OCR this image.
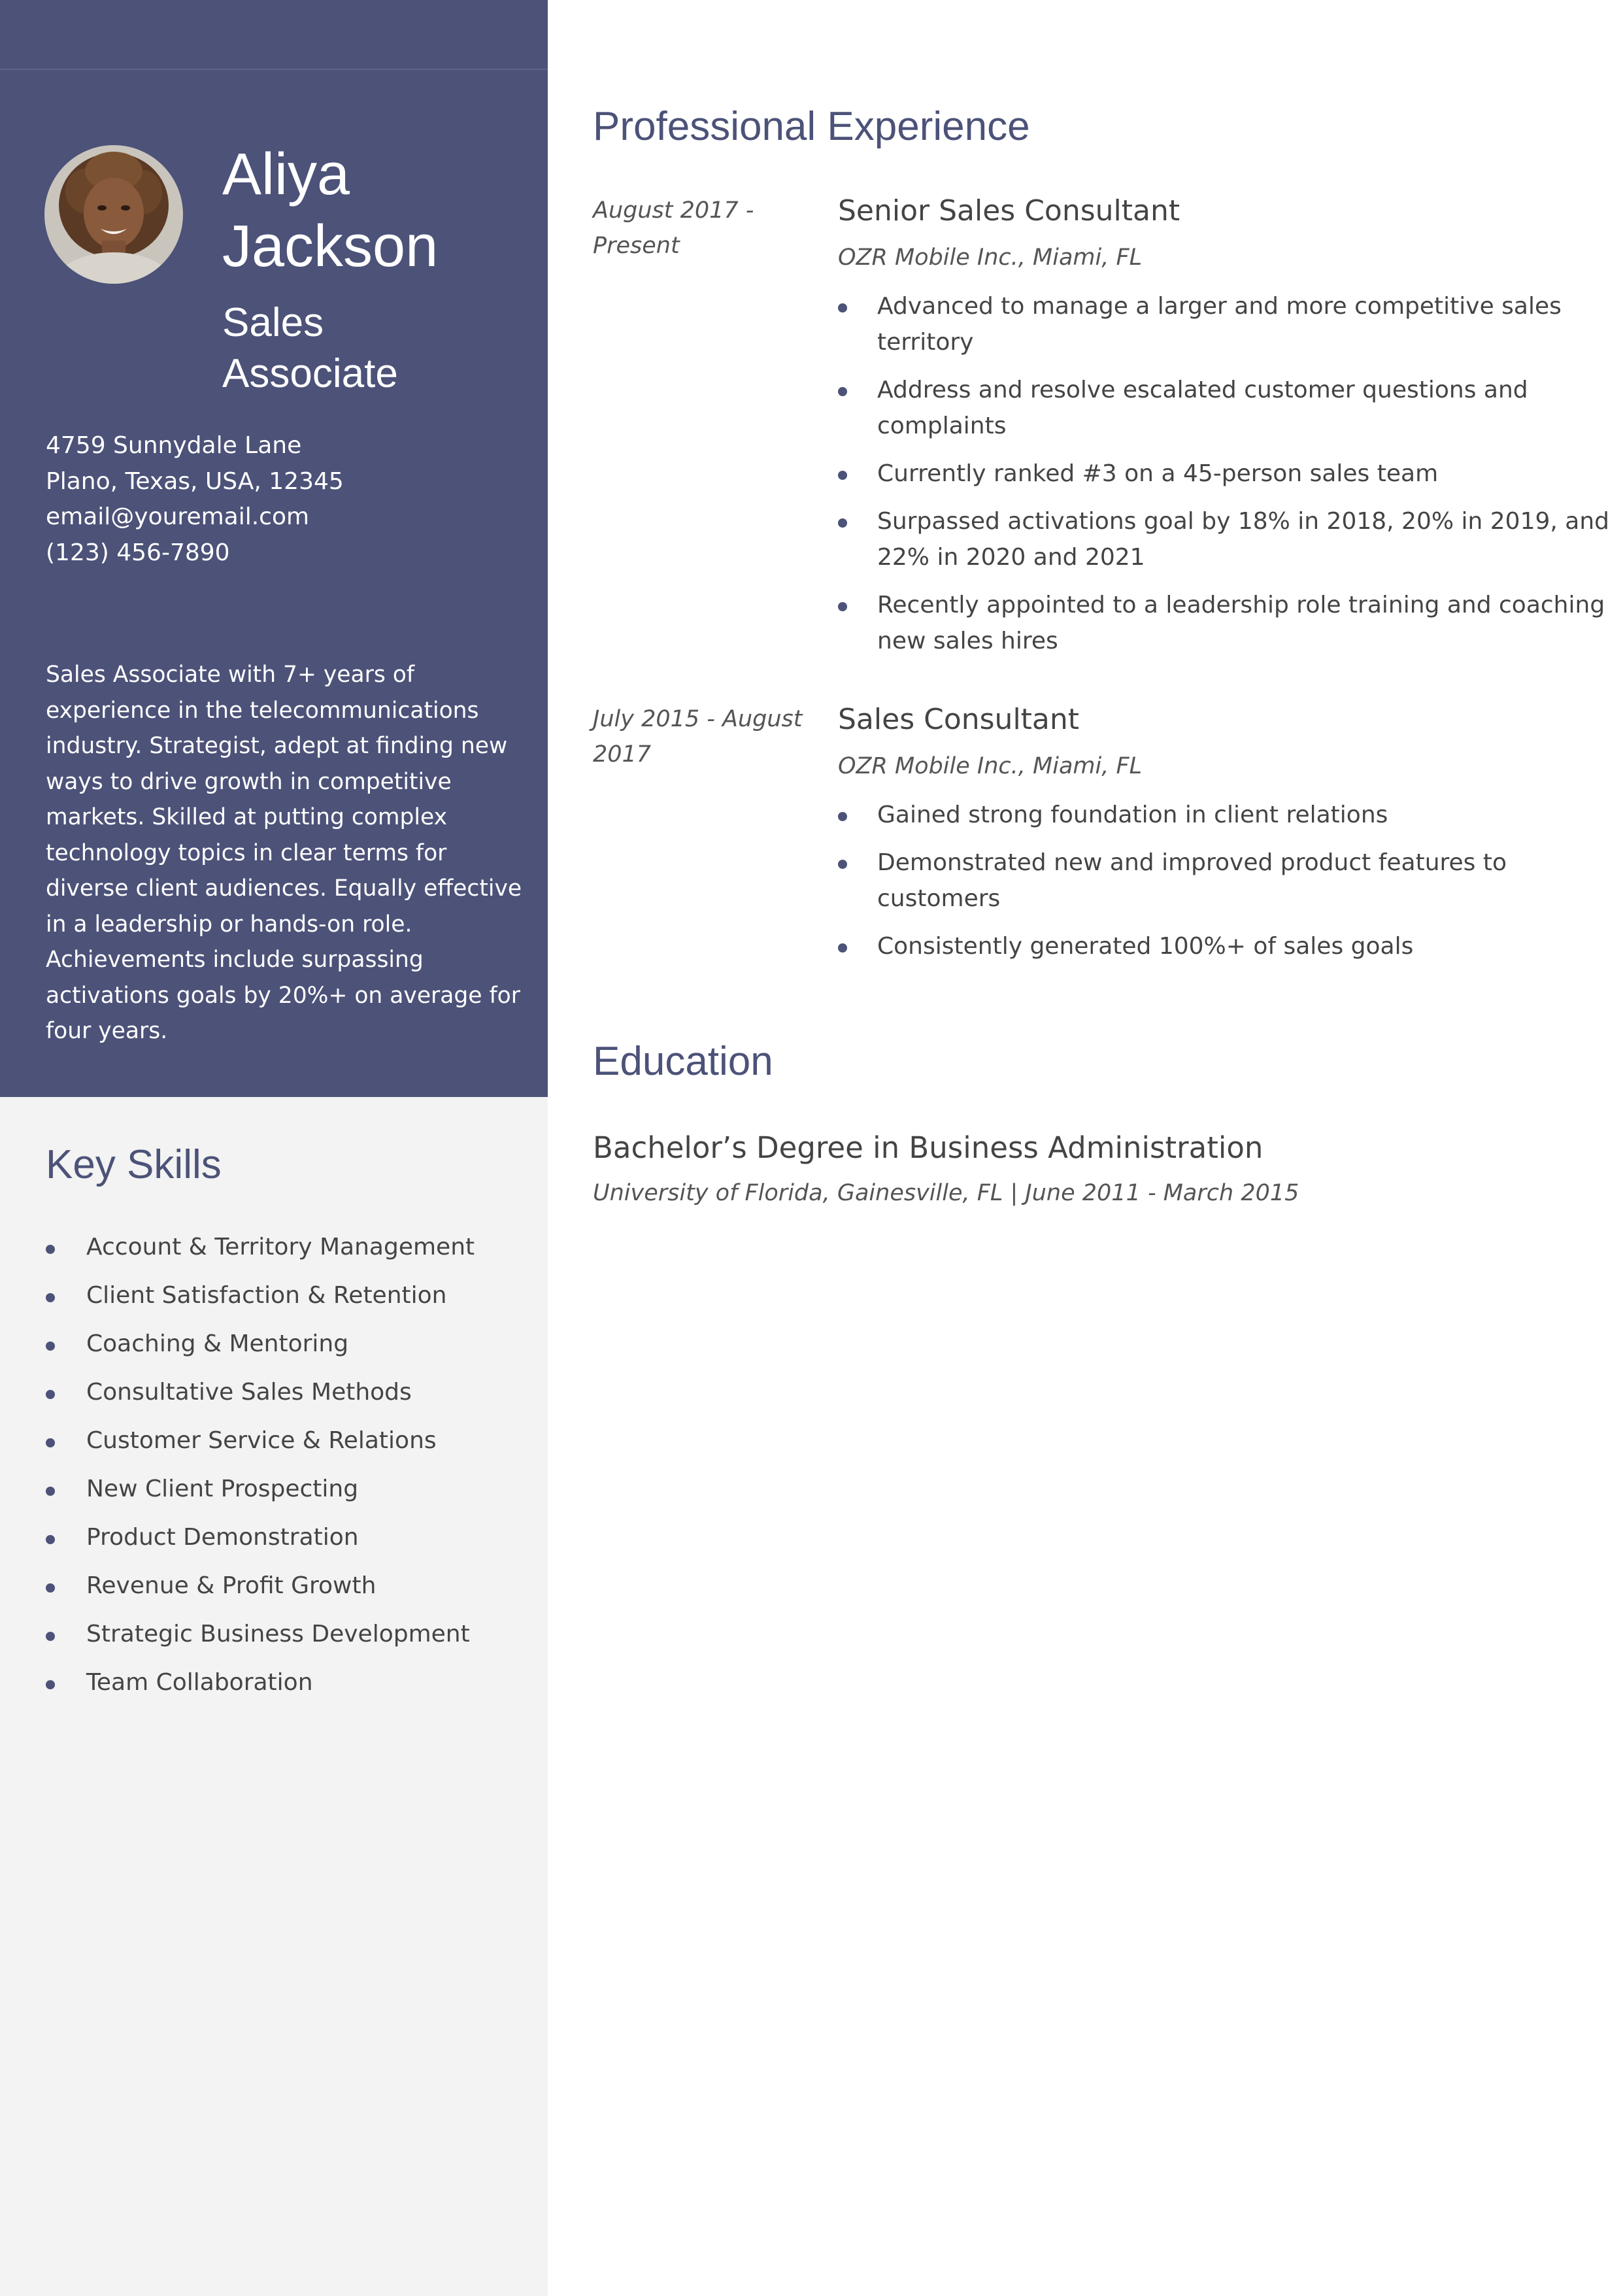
Aliya
Jackson
Sales
Associate
4759 Sunnydale Lane
Plano, Texas, USA, 12345
email@youremail.com
(123) 456-7890
Sales Associate with 7+ years of
experience in the telecommunications
industry. Strategist, adept at finding new
ways to drive growth in competitive
markets. Skilled at putting complex
technology topics in clear terms for
diverse client audiences. Equally effective
in a leadership or hands-on role.
Achievements include surpassing
activations goals by 20%+ on average for
four years.
Key Skills
Account & Territory Management
Client Satisfaction & Retention
Coaching & Mentoring
Consultative Sales Methods
Customer Service & Relations
New Client Prospecting
Product Demonstration
Revenue & Profit Growth
Strategic Business Development
Team Collaboration
Professional Experience
August 2017 -
Present
Senior Sales Consultant
OZR Mobile Inc., Miami, FL
Advanced to manage a larger and more competitive sales
territory
Address and resolve escalated customer questions and
complaints
Currently ranked #3 on a 45-person sales team
Surpassed activations goal by 18% in 2018, 20% in 2019, and
22% in 2020 and 2021
Recently appointed to a leadership role training and coaching
new sales hires
July 2015 - August
2017
Sales Consultant
OZR Mobile Inc., Miami, FL
Gained strong foundation in client relations
Demonstrated new and improved product features to
customers
Consistently generated 100%+ of sales goals
Education
Bachelor’s Degree in Business Administration
University of Florida, Gainesville, FL | June 2011 - March 2015
